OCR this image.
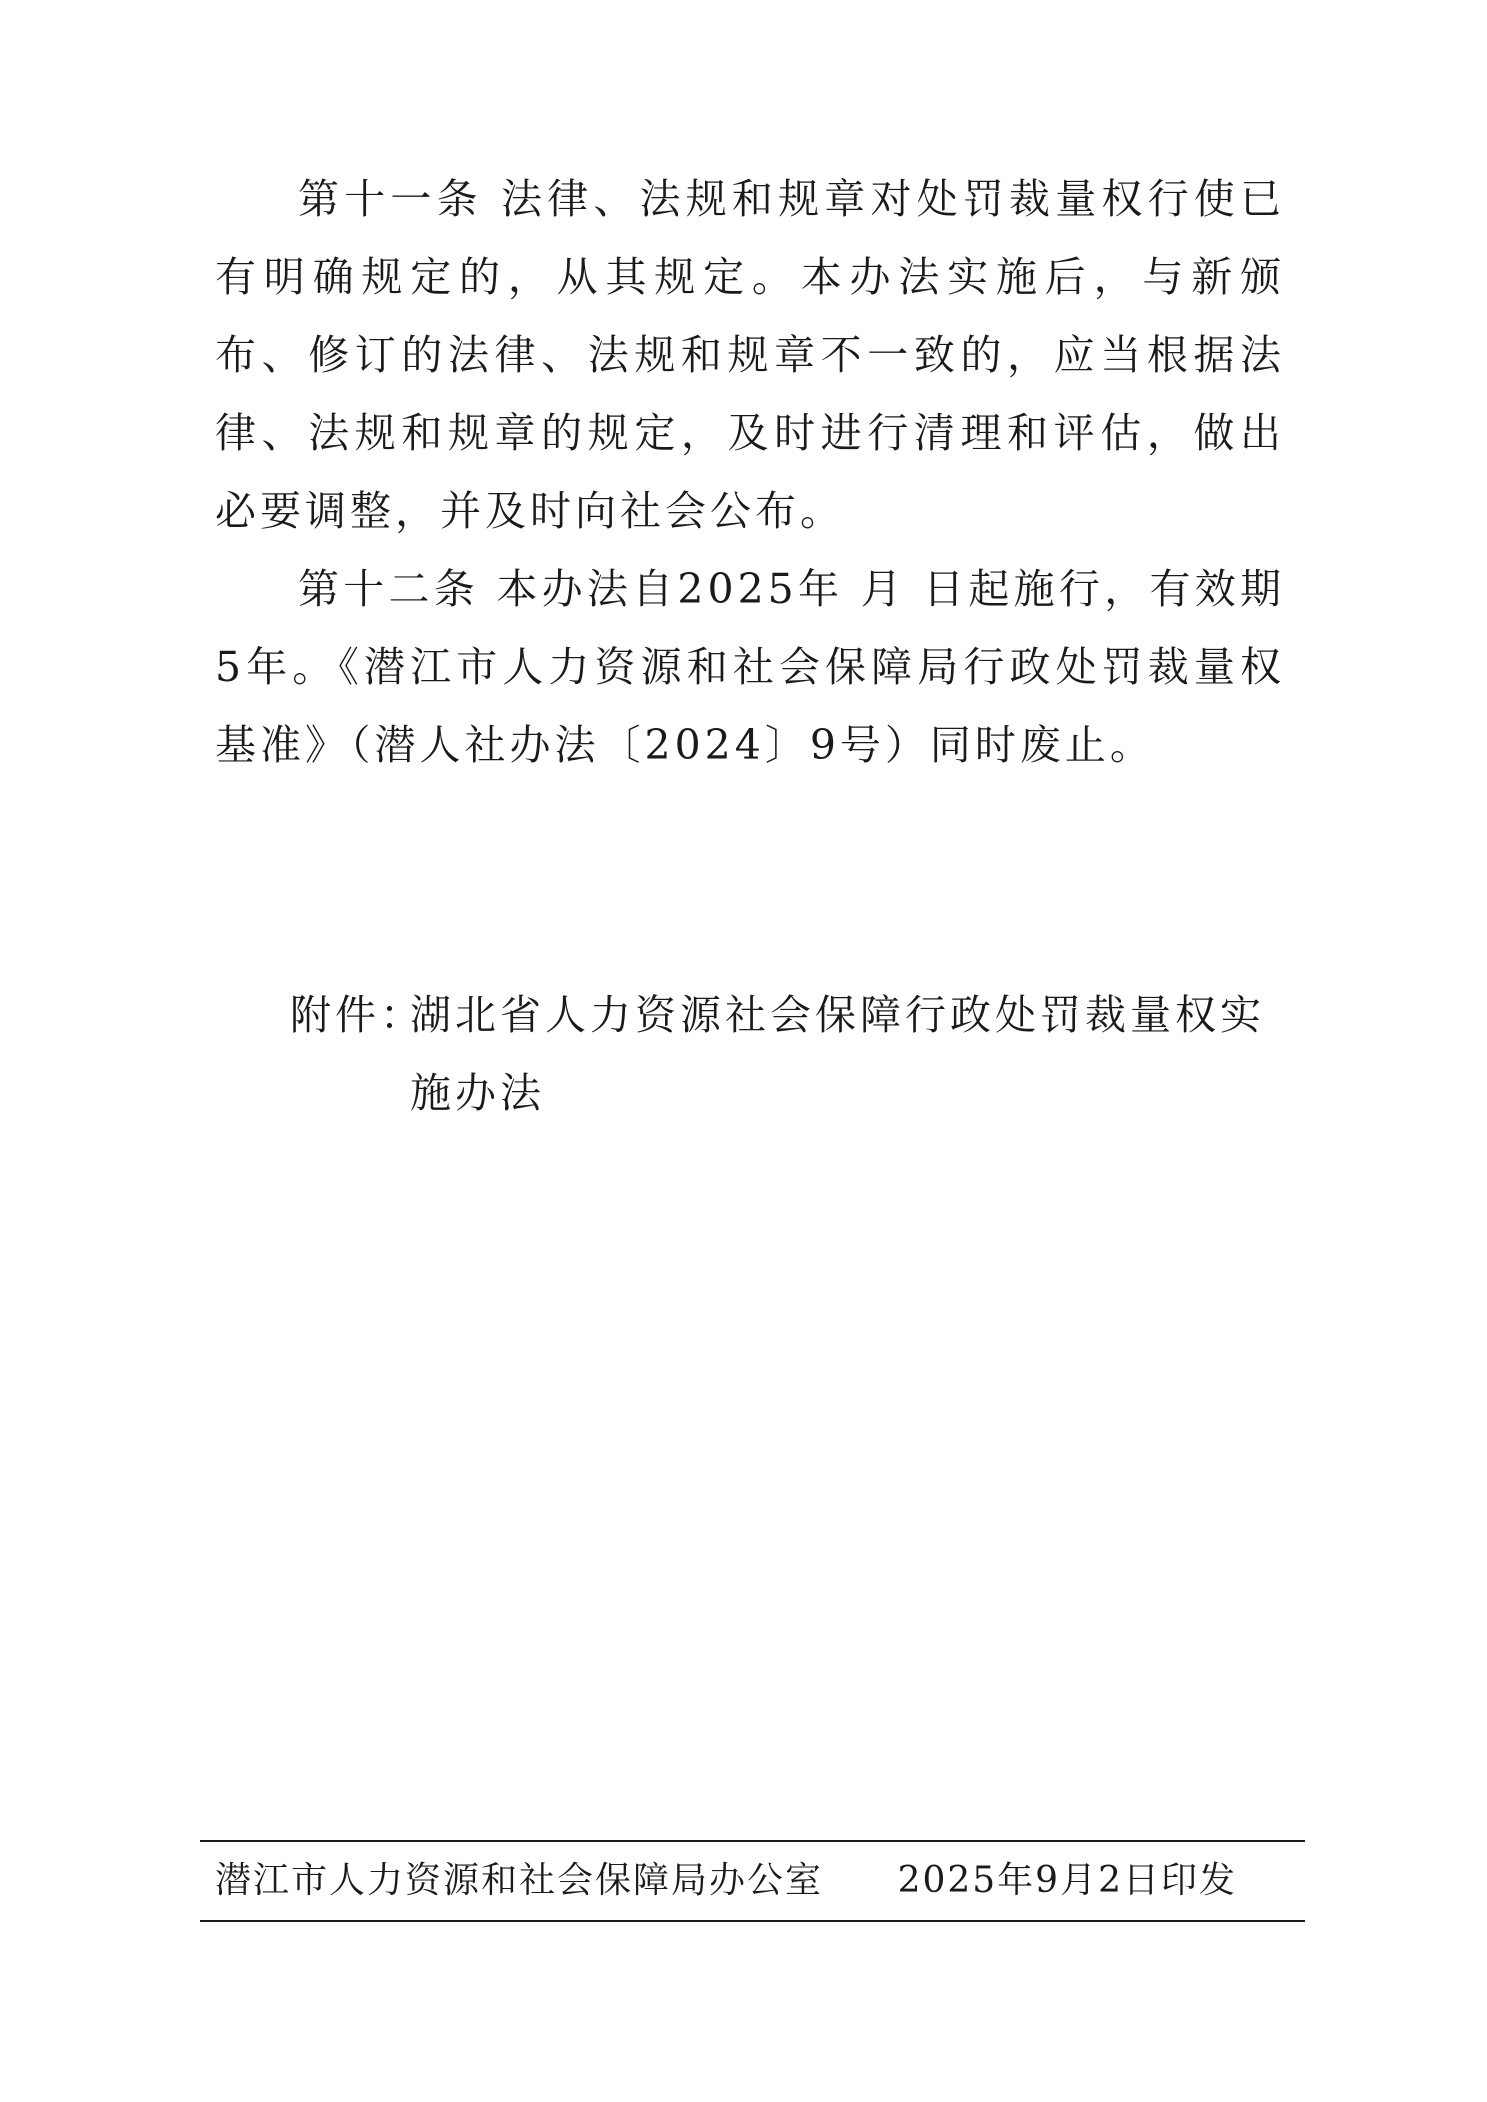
第十一条 法律、法规和规章对处罚裁量权行使已有明确规定的，从其规定。本办法实施后，与新颁布、修订的法律、法规和规章不一致的，应当根据法律、法规和规章的规定，及时进行清理和评估，做出必要调整，并及时向社会公布。

第十二条 本办法自2025年 月 日起施行，有效期5年。《潜江市人力资源和社会保障局行政处罚裁量权基准》（潜人社办法〔2024〕9号）同时废止。

附件：
湖北省人力资源社会保障行政处罚裁量权实施办法
潜江市人力资源和社会保障局办公室 2025年9月2日印发
